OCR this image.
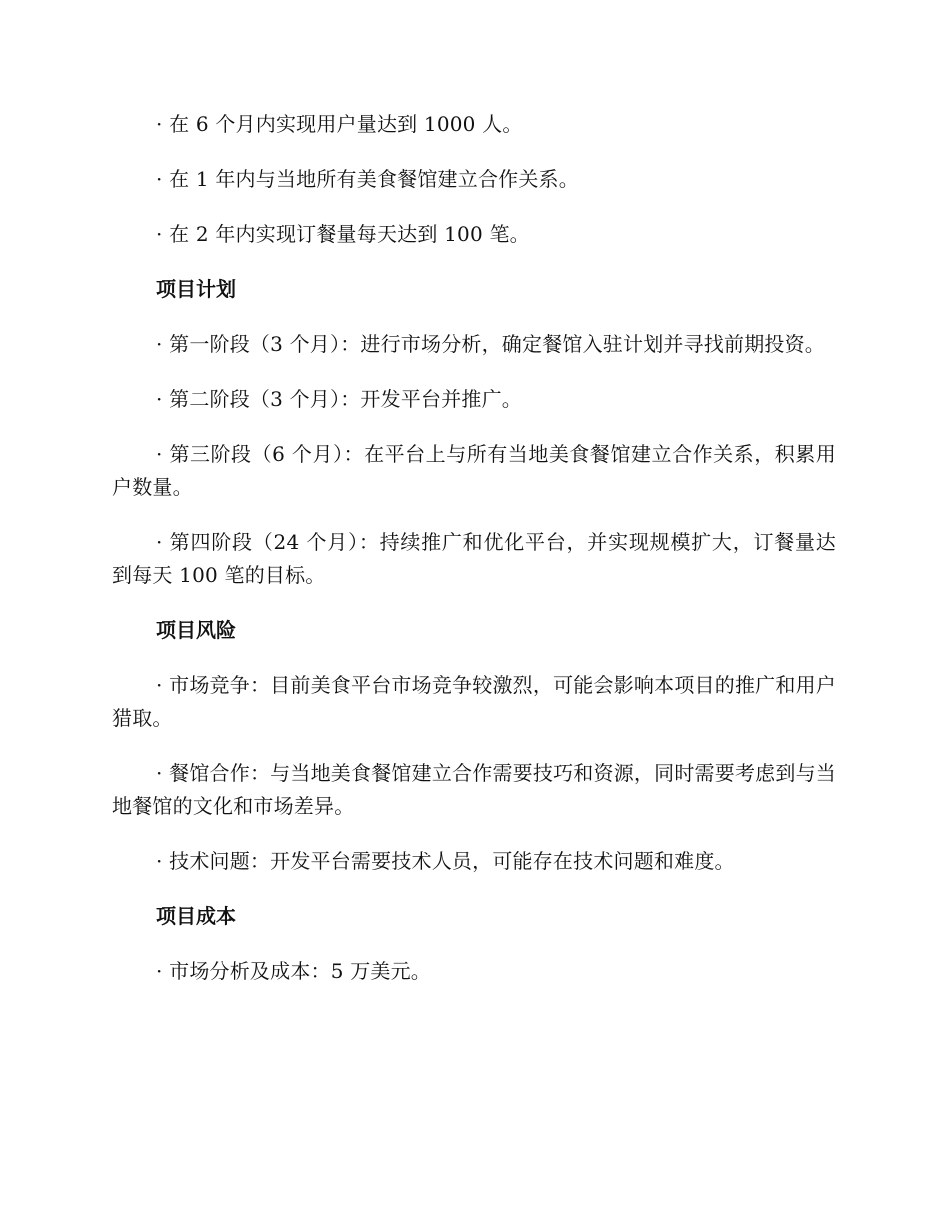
· 在 6 个月内实现用户量达到 1000 人。

· 在 1 年内与当地所有美食餐馆建立合作关系。

· 在 2 年内实现订餐量每天达到 100 笔。

项目计划

· 第一阶段（3 个月）：进行市场分析，确定餐馆入驻计划并寻找前期投资。

· 第二阶段（3 个月）：开发平台并推广。

· 第三阶段（6 个月）：在平台上与所有当地美食餐馆建立合作关系，积累用户数量。

· 第四阶段（24 个月）：持续推广和优化平台，并实现规模扩大，订餐量达到每天 100 笔的目标。

项目风险

· 市场竞争：目前美食平台市场竞争较激烈，可能会影响本项目的推广和用户猎取。

· 餐馆合作：与当地美食餐馆建立合作需要技巧和资源，同时需要考虑到与当地餐馆的文化和市场差异。

· 技术问题：开发平台需要技术人员，可能存在技术问题和难度。

项目成本

· 市场分析及成本：5 万美元。
